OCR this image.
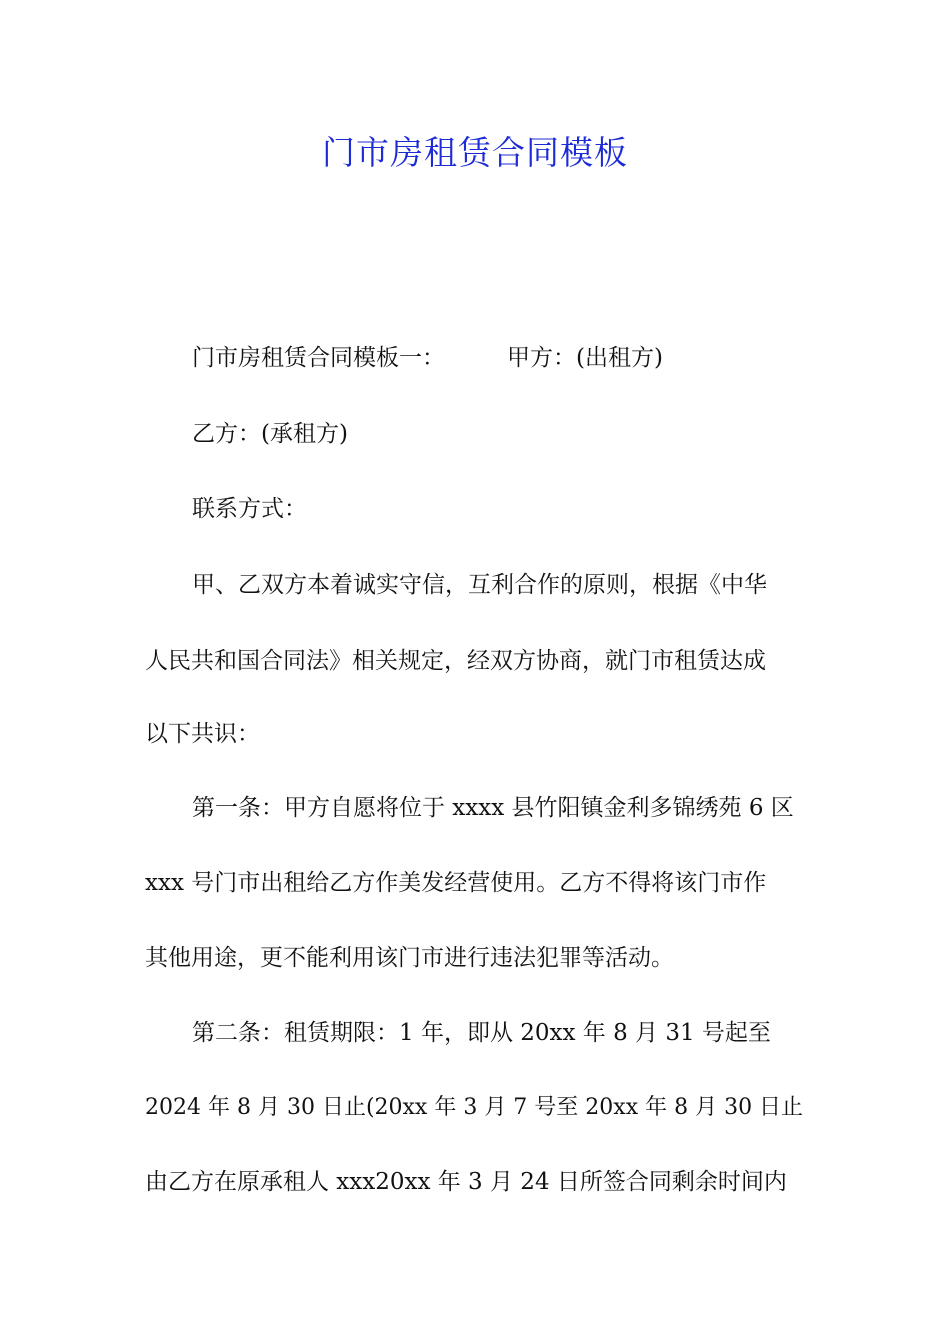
门市房租赁合同模板

门市房租赁合同模板一：	甲方：(出租方)

乙方：(承租方)

联系方式：

甲、乙双方本着诚实守信，互利合作的原则，根据《中华

人民共和国合同法》相关规定，经双方协商，就门市租赁达成

以下共识：

第一条：甲方自愿将位于 xxxx 县竹阳镇金利多锦绣苑 6 区

xxx 号门市出租给乙方作美发经营使用。乙方不得将该门市作

其他用途，更不能利用该门市进行违法犯罪等活动。

第二条：租赁期限：1 年，即从 20xx 年 8 月 31 号起至

2024 年 8 月 30 日止(20xx 年 3 月 7 号至 20xx 年 8 月 30 日止

由乙方在原承租人 xxx20xx 年 3 月 24 日所签合同剩余时间内
